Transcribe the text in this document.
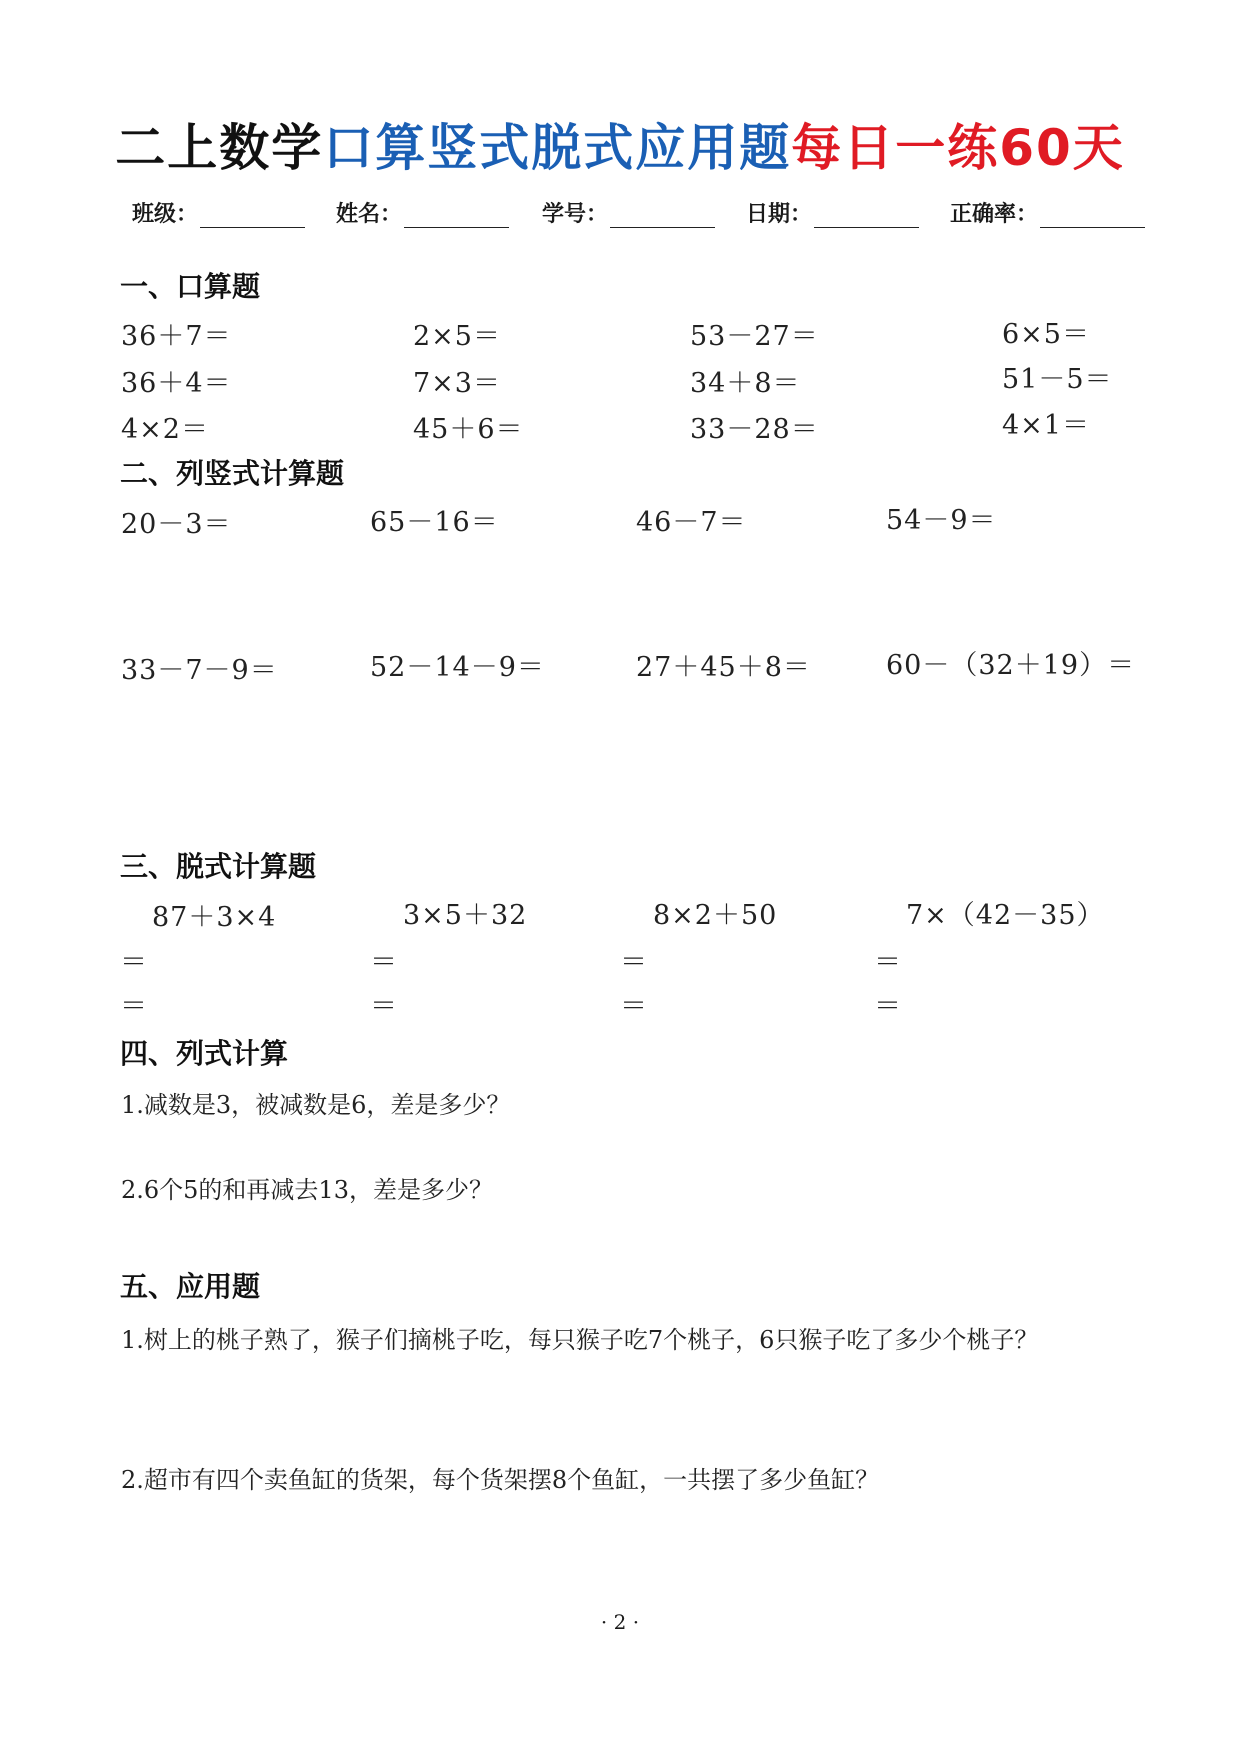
二上数学口算竖式脱式应用题每日一练60天
班级：	姓名：	学号：	日期：	正确率：
一、口算题
36＋7＝	2×5＝	53－27＝	6×5＝
36＋4＝	7×3＝	34＋8＝	51－5＝
4×2＝	45＋6＝	33－28＝	4×1＝
二、列竖式计算题
20－3＝	65－16＝	46－7＝	54－9＝
33－7－9＝	52－14－9＝	27＋45＋8＝	60－（32＋19）＝
三、脱式计算题
87＋3×4	3×5＋32	8×2＋50	7×（42－35）
＝	＝	＝	＝
＝	＝	＝	＝
四、列式计算
1.减数是3，被减数是6，差是多少？
2.6个5的和再减去13，差是多少？
五、应用题
1.树上的桃子熟了，猴子们摘桃子吃，每只猴子吃7个桃子，6只猴子吃了多少个桃子？
2.超市有四个卖鱼缸的货架，每个货架摆8个鱼缸，一共摆了多少鱼缸？
· 2 ·
